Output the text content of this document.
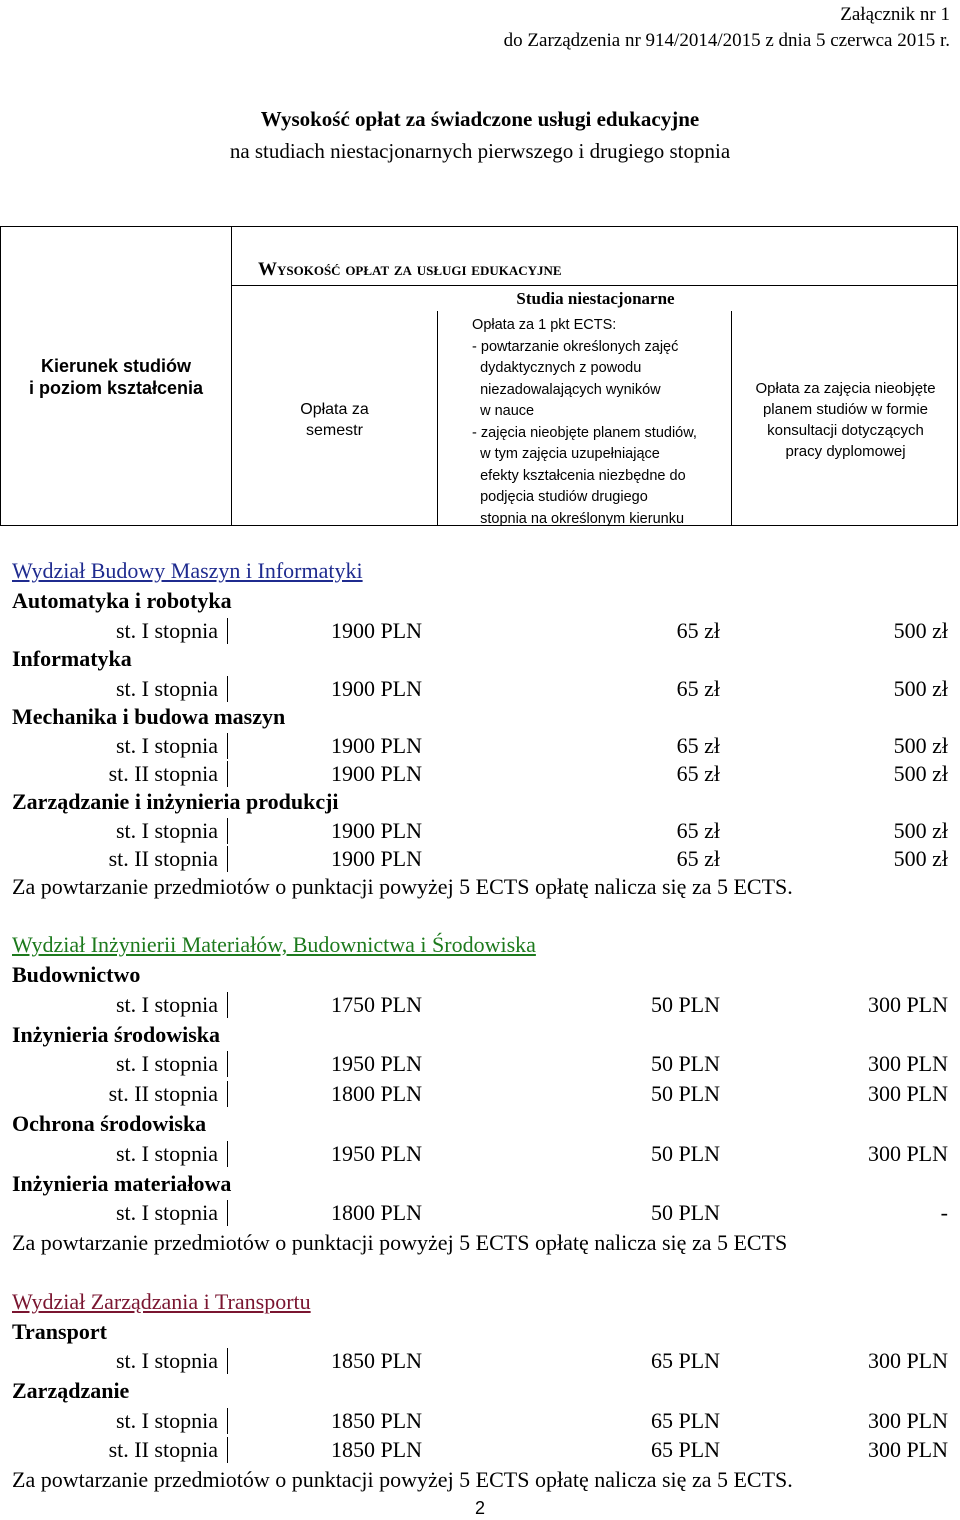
Załącznik nr 1
do Zarządzenia nr 914/2014/2015 z dnia 5 czerwca 2015 r.
Wysokość opłat za świadczone usługi edukacyjne
na studiach niestacjonarnych pierwszego i drugiego stopnia
Kierunek studiów
i poziom kształcenia
Wysokość opłat za usługi edukacyjne
Studia niestacjonarne
Opłata za
semestr
Opłata za 1 pkt ECTS:
- powtarzanie określonych zajęć
dydaktycznych z powodu
niezadowalających wyników
w nauce
- zajęcia nieobjęte planem studiów,
w tym zajęcia uzupełniające
efekty kształcenia niezbędne do
podjęcia studiów drugiego
stopnia na określonym kierunku
Opłata za zajęcia nieobjęte
planem studiów w formie
konsultacji dotyczących
pracy dyplomowej
Wydział Budowy Maszyn i Informatyki
Automatyka i robotyka
st. I stopnia	1900 PLN	65 zł	500 zł
Informatyka
st. I stopnia	1900 PLN	65 zł	500 zł
Mechanika i budowa maszyn
st. I stopnia	1900 PLN	65 zł	500 zł
st. II stopnia	1900 PLN	65 zł	500 zł
Zarządzanie i inżynieria produkcji
st. I stopnia	1900 PLN	65 zł	500 zł
st. II stopnia	1900 PLN	65 zł	500 zł
Za powtarzanie przedmiotów o punktacji powyżej 5 ECTS opłatę nalicza się za 5 ECTS.
Wydział Inżynierii Materiałów, Budownictwa i Środowiska
Budownictwo
st. I stopnia	1750 PLN	50 PLN	300 PLN
Inżynieria środowiska
st. I stopnia	1950 PLN	50 PLN	300 PLN
st. II stopnia	1800 PLN	50 PLN	300 PLN
Ochrona środowiska
st. I stopnia	1950 PLN	50 PLN	300 PLN
Inżynieria materiałowa
st. I stopnia	1800 PLN	50 PLN	-
Za powtarzanie przedmiotów o punktacji powyżej 5 ECTS opłatę nalicza się za 5 ECTS
Wydział Zarządzania i Transportu
Transport
st. I stopnia	1850 PLN	65 PLN	300 PLN
Zarządzanie
st. I stopnia	1850 PLN	65 PLN	300 PLN
st. II stopnia	1850 PLN	65 PLN	300 PLN
Za powtarzanie przedmiotów o punktacji powyżej 5 ECTS opłatę nalicza się za 5 ECTS.
2
